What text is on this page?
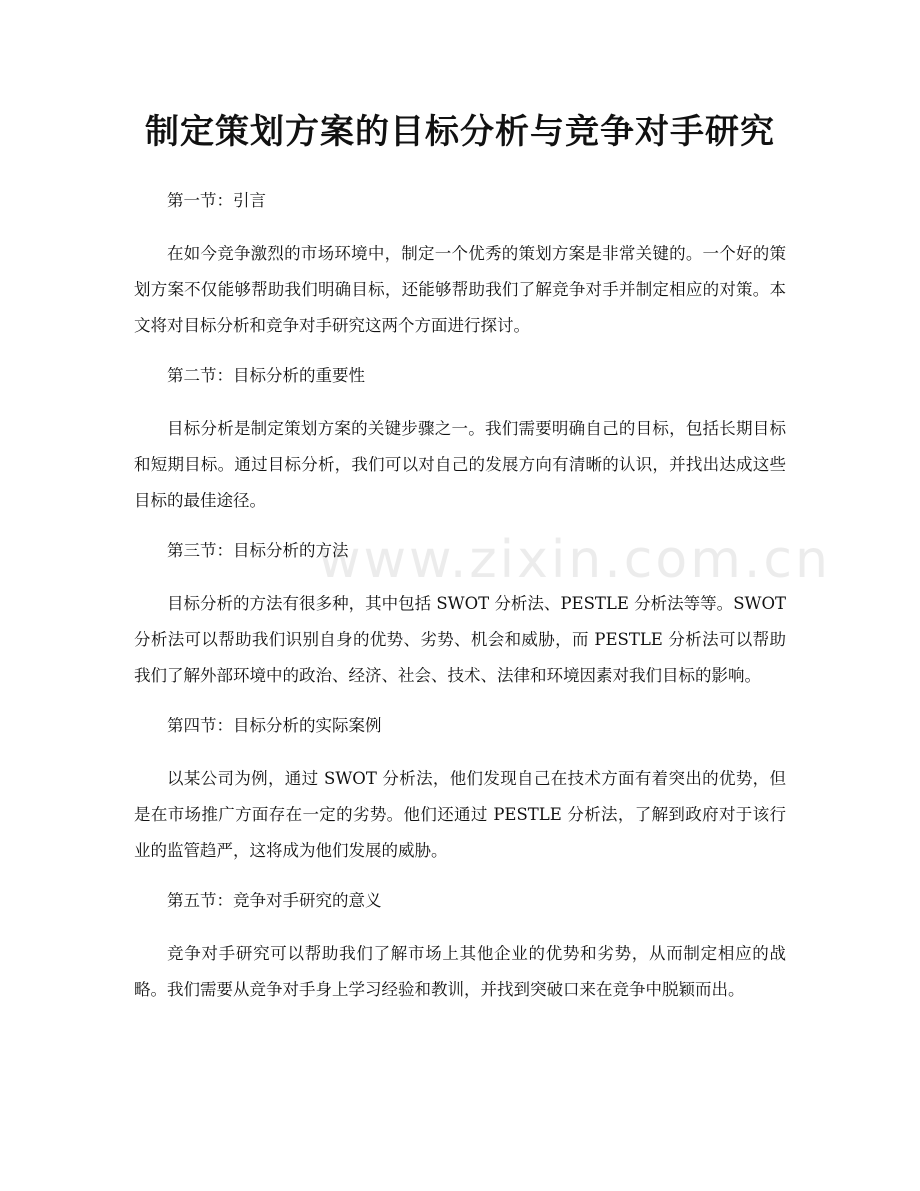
制定策划方案的目标分析与竞争对手研究
第一节：引言

在如今竞争激烈的市场环境中，制定一个优秀的策划方案是非常关键的。一个好的策划方案不仅能够帮助我们明确目标，还能够帮助我们了解竞争对手并制定相应的对策。本文将对目标分析和竞争对手研究这两个方面进行探讨。

第二节：目标分析的重要性

目标分析是制定策划方案的关键步骤之一。我们需要明确自己的目标，包括长期目标和短期目标。通过目标分析，我们可以对自己的发展方向有清晰的认识，并找出达成这些目标的最佳途径。

第三节：目标分析的方法

目标分析的方法有很多种，其中包括 SWOT 分析法、PESTLE 分析法等等。SWOT 分析法可以帮助我们识别自身的优势、劣势、机会和威胁，而 PESTLE 分析法可以帮助我们了解外部环境中的政治、经济、社会、技术、法律和环境因素对我们目标的影响。

第四节：目标分析的实际案例

以某公司为例，通过 SWOT 分析法，他们发现自己在技术方面有着突出的优势，但是在市场推广方面存在一定的劣势。他们还通过 PESTLE 分析法，了解到政府对于该行业的监管趋严，这将成为他们发展的威胁。

第五节：竞争对手研究的意义

竞争对手研究可以帮助我们了解市场上其他企业的优势和劣势，从而制定相应的战略。我们需要从竞争对手身上学习经验和教训，并找到突破口来在竞争中脱颖而出。

www.zixin.com.cn
